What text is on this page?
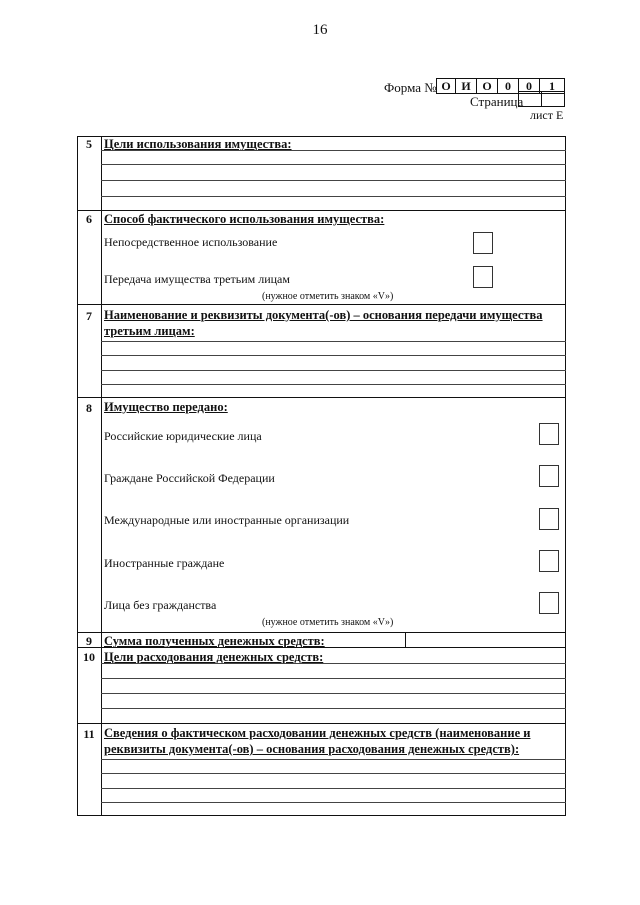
16
Форма № О И О	0	0	1
Страница
лист Е
5 Цели использования имущества:
6 Способ фактического использования имущества:
Непосредственное использование
Передача имущества третьим лицам
(нужное отметить знаком «V»)
7 Наименование и реквизиты документа(-ов) – основания передачи имущества
третьим лицам:
8 Имущество передано:
Российские юридические лица
Граждане Российской Федерации
Международные или иностранные организации
Иностранные граждане
Лица без гражданства
(нужное отметить знаком «V»)
9 Сумма полученных денежных средств:
10 Цели расходования денежных средств:
11 Сведения о фактическом расходовании денежных средств (наименование и
реквизиты документа(-ов) – основания расходования денежных средств):
